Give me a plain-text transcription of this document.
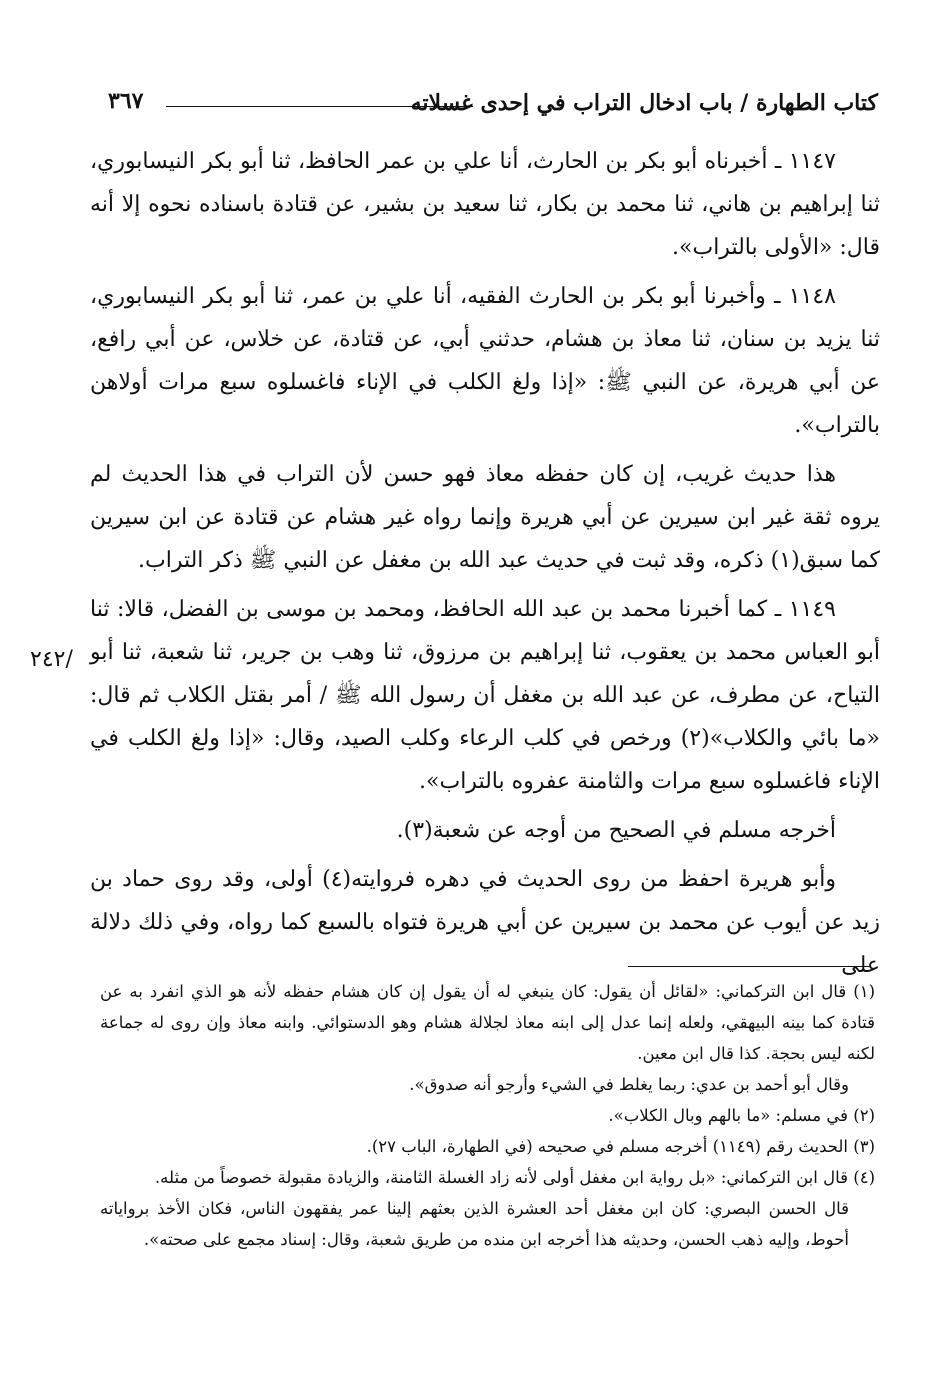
كتاب الطهارة / باب ادخال التراب في إحدى غسلاته
٣٦٧

١١٤٧ ـ أخبرناه أبو بكر بن الحارث، أنا علي بن عمر الحافظ، ثنا أبو بكر النيسابوري، ثنا إبراهيم بن هاني، ثنا محمد بن بكار، ثنا سعيد بن بشير، عن قتادة باسناده نحوه إلا أنه قال: «الأولى بالتراب».

١١٤٨ ـ وأخبرنا أبو بكر بن الحارث الفقيه، أنا علي بن عمر، ثنا أبو بكر النيسابوري، ثنا يزيد بن سنان، ثنا معاذ بن هشام، حدثني أبي، عن قتادة، عن خلاس، عن أبي رافع، عن أبي هريرة، عن النبي ﷺ: «إذا ولغ الكلب في الإناء فاغسلوه سبع مرات أولاهن بالتراب».

هذا حديث غريب، إن كان حفظه معاذ فهو حسن لأن التراب في هذا الحديث لم يروه ثقة غير ابن سيرين عن أبي هريرة وإنما رواه غير هشام عن قتادة عن ابن سيرين كما سبق(١) ذكره، وقد ثبت في حديث عبد الله بن مغفل عن النبي ﷺ ذكر التراب.

١١٤٩ ـ كما أخبرنا محمد بن عبد الله الحافظ، ومحمد بن موسى بن الفضل، قالا: ثنا أبو العباس محمد بن يعقوب، ثنا إبراهيم بن مرزوق، ثنا وهب بن جرير، ثنا شعبة، ثنا أبو التياح، عن مطرف، عن عبد الله بن مغفل أن رسول الله ﷺ / أمر بقتل الكلاب ثم قال: «ما بائي والكلاب»(٢) ورخص في كلب الرعاء وكلب الصيد، وقال: «إذا ولغ الكلب في الإناء فاغسلوه سبع مرات والثامنة عفروه بالتراب».

أخرجه مسلم في الصحيح من أوجه عن شعبة(٣).

وأبو هريرة احفظ من روى الحديث في دهره فروايته(٤) أولى، وقد روى حماد بن زيد عن أيوب عن محمد بن سيرين عن أبي هريرة فتواه بالسبع كما رواه، وفي ذلك دلالة على

/٢٤٢

(١) قال ابن التركماني: «لقائل أن يقول: كان ينبغي له أن يقول إن كان هشام حفظه لأنه هو الذي انفرد به عن قتادة كما بينه البيهقي، ولعله إنما عدل إلى ابنه معاذ لجلالة هشام وهو الدستوائي. وابنه معاذ وإن روى له جماعة لكنه ليس بحجة. كذا قال ابن معين.

وقال أبو أحمد بن عدي: ربما يغلط في الشيء وأرجو أنه صدوق».

(٢) في مسلم: «ما بالهم وبال الكلاب».

(٣) الحديث رقم (١١٤٩) أخرجه مسلم في صحيحه (في الطهارة، الباب ٢٧).

(٤) قال ابن التركماني: «بل رواية ابن مغفل أولى لأنه زاد الغسلة الثامنة، والزيادة مقبولة خصوصاً من مثله.

قال الحسن البصري: كان ابن مغفل أحد العشرة الذين بعثهم إلينا عمر يفقهون الناس، فكان الأخذ برواياته أحوط، وإليه ذهب الحسن، وحديثه هذا أخرجه ابن منده من طريق شعبة، وقال: إسناد مجمع على صحته».
